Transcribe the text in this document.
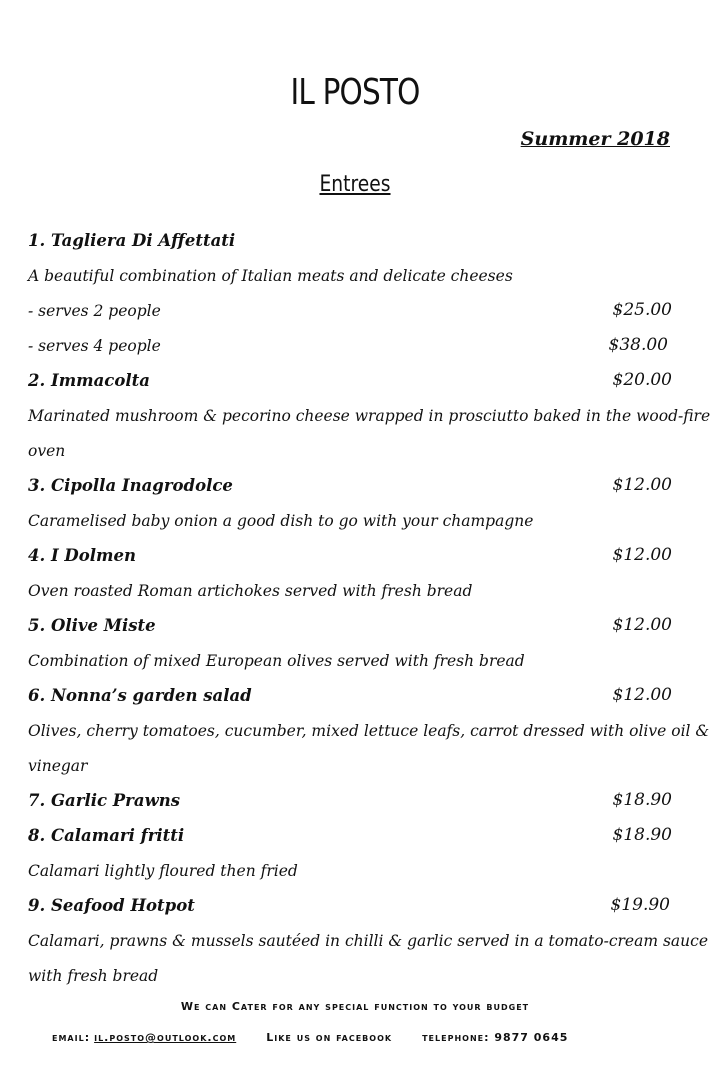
IL POSTO
Summer 2018
Entrees
1. Tagliera Di Affettati
A beautiful combination of Italian meats and delicate cheeses
- serves 2 people	$25.00
- serves 4 people	$38.00
2. Immacolta	$20.00
Marinated mushroom & pecorino cheese wrapped in prosciutto baked in the wood-fire
oven
3. Cipolla Inagrodolce	$12.00
Caramelised baby onion a good dish to go with your champagne
4. I Dolmen	$12.00
Oven roasted Roman artichokes served with fresh bread
5. Olive Miste	$12.00
Combination of mixed European olives served with fresh bread
6. Nonna’s garden salad	$12.00
Olives, cherry tomatoes, cucumber, mixed lettuce leafs, carrot dressed with olive oil &
vinegar
7. Garlic Prawns	$18.90
8. Calamari fritti	$18.90
Calamari lightly floured then fried
9. Seafood Hotpot	$19.90
Calamari, prawns & mussels sautéed in chilli & garlic served in a tomato-cream sauce
with fresh bread
We can Cater for any special function to your budget
email: il.posto@outlook.com	Like us on facebook	telephone: 9877 0645
